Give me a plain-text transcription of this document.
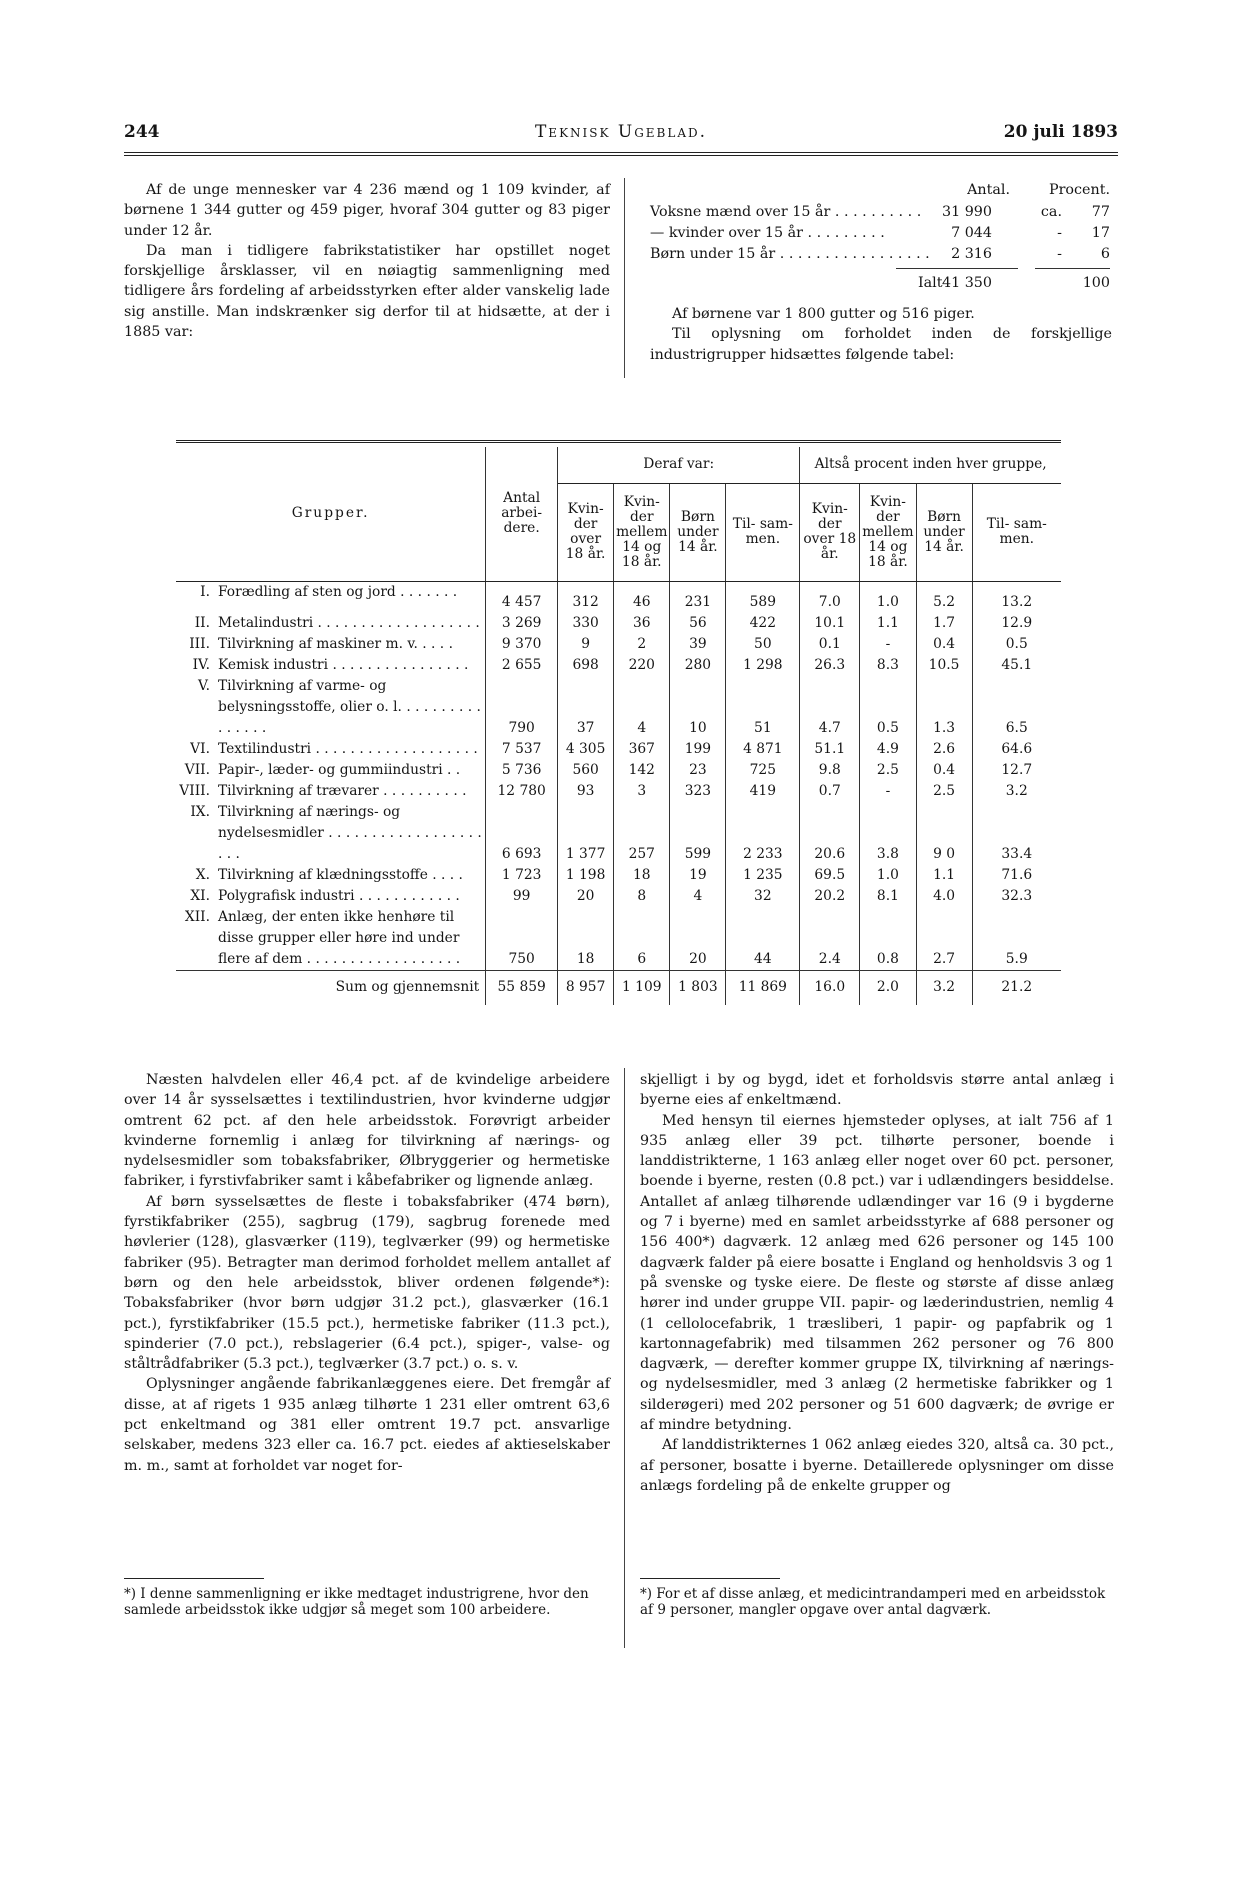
244	Teknisk Ugeblad.	20 juli 1893

Af de unge mennesker var 4 236 mænd og 1 109 kvinder, af børnene 1 344 gutter og 459 piger, hvoraf 304 gutter og 83 piger under 12 år.

Da man i tidligere fabrikstatistiker har opstillet noget forskjellige årsklasser, vil en nøiagtig sammenligning med tidligere års fordeling af arbeidsstyrken efter alder vanskelig lade sig anstille. Man indskrænker sig derfor til at hidsætte, at der i 1885 var:

Antal.	Procent.
Voksne mænd over 15 år . . . . . . . . . . 31 990	ca.	77
— kvinder over 15 år . . . . . . . . .	7 044	-	17
Børn under 15 år . . . . . . . . . . . . . . . . . 2 316	-	6
Ialt 41 350	100

Af børnene var 1 800 gutter og 516 piger.

Til oplysning om forholdet inden de forskjellige industrigrupper hidsættes følgende tabel:

Grupper.		Antal arbei- dere.	Deraf var:				Altså procent inden hver gruppe,			
			Kvin- der over 18 år.	Kvin- der mellem 14 og 18 år.	Børn under 14 år.	Til- sam- men.	Kvin- der over 18 år.	Kvin- der mellem 14 og 18 år.	Børn under 14 år.	Til- sam- men.
I.	Forædling af sten og jord . . . . . . .	4 457	312	46	231	589	7.0	1.0	5.2	13.2
II.	Metalindustri . . . . . . . . . . . . . . . . . . .	3 269	330	36	56	422	10.1	1.1	1.7	12.9
III.	Tilvirkning af maskiner m. v. . . . .	9 370	9	2	39	50	0.1	-	0.4	0.5
IV.	Kemisk industri . . . . . . . . . . . . . . . .	2 655	698	220	280	1 298	26.3	8.3	10.5	45.1
V.	Tilvirkning af varme- og belysningsstoffe, olier o. l. . . . . . . . . . . . . . . .	790	37	4	10	51	4.7	0.5	1.3	6.5
VI.	Textilindustri . . . . . . . . . . . . . . . . . . .	7 537	4 305	367	199	4 871	51.1	4.9	2.6	64.6
VII.	Papir-, læder- og gummiindustri . .	5 736	560	142	23	725	9.8	2.5	0.4	12.7
VIII.	Tilvirkning af trævarer . . . . . . . . . .	12 780	93	3	323	419	0.7	-	2.5	3.2
IX.	Tilvirkning af nærings- og nydelsesmidler . . . . . . . . . . . . . . . . . . . . .	6 693	1 377	257	599	2 233	20.6	3.8	9 0	33.4
X.	Tilvirkning af klædningsstoffe . . . .	1 723	1 198	18	19	1 235	69.5	1.0	1.1	71.6
XI.	Polygrafisk industri . . . . . . . . . . . .	99	20	8	4	32	20.2	8.1	4.0	32.3
XII.	Anlæg, der enten ikke henhøre til disse grupper eller høre ind under flere af dem . . . . . . . . . . . . . . . . . .	750	18	6	20	44	2.4	0.8	2.7	5.9
Sum og gjennemsnit		55 859	8 957	1 109	1 803	11 869	16.0	2.0	3.2	21.2

Næsten halvdelen eller 46,4 pct. af de kvindelige arbeidere over 14 år sysselsættes i textilindustrien, hvor kvinderne udgjør omtrent 62 pct. af den hele arbeidsstok. Forøvrigt arbeider kvinderne fornemlig i anlæg for tilvirkning af nærings- og nydelsesmidler som tobaksfabriker, Ølbryggerier og hermetiske fabriker, i fyrstivfabriker samt i kåbefabriker og lignende anlæg.

Af børn sysselsættes de fleste i tobaksfabriker (474 børn), fyrstikfabriker (255), sagbrug (179), sagbrug forenede med høvlerier (128), glasværker (119), teglværker (99) og hermetiske fabriker (95). Betragter man derimod forholdet mellem antallet af børn og den hele arbeidsstok, bliver ordenen følgende*): Tobaksfabriker (hvor børn udgjør 31.2 pct.), glasværker (16.1 pct.), fyrstikfabriker (15.5 pct.), hermetiske fabriker (11.3 pct.), spinderier (7.0 pct.), rebslagerier (6.4 pct.), spiger-, valse- og ståltrådfabriker (5.3 pct.), teglværker (3.7 pct.) o. s. v.

Oplysninger angående fabrikanlæggenes eiere. Det fremgår af disse, at af rigets 1 935 anlæg tilhørte 1 231 eller omtrent 63,6 pct enkeltmand og 381 eller omtrent 19.7 pct. ansvarlige selskaber, medens 323 eller ca. 16.7 pct. eiedes af aktieselskaber m. m., samt at forholdet var noget for-

*) I denne sammenligning er ikke medtaget industrigrene, hvor den samlede arbeidsstok ikke udgjør så meget som 100 arbeidere.

skjelligt i by og bygd, idet et forholdsvis større antal anlæg i byerne eies af enkeltmænd.

Med hensyn til eiernes hjemsteder oplyses, at ialt 756 af 1 935 anlæg eller 39 pct. tilhørte personer, boende i landdistrikterne, 1 163 anlæg eller noget over 60 pct. personer, boende i byerne, resten (0.8 pct.) var i udlændingers besiddelse. Antallet af anlæg tilhørende udlændinger var 16 (9 i bygderne og 7 i byerne) med en samlet arbeidsstyrke af 688 personer og 156 400*) dagværk. 12 anlæg med 626 personer og 145 100 dagværk falder på eiere bosatte i England og henholdsvis 3 og 1 på svenske og tyske eiere. De fleste og største af disse anlæg hører ind under gruppe VII. papir- og læderindustrien, nemlig 4 (1 cellolocefabrik, 1 træsliberi, 1 papir- og papfabrik og 1 kartonnagefabrik) med tilsammen 262 personer og 76 800 dagværk, — derefter kommer gruppe IX, tilvirkning af nærings- og nydelsesmidler, med 3 anlæg (2 hermetiske fabrikker og 1 silderøgeri) med 202 personer og 51 600 dagværk; de øvrige er af mindre betydning.

Af landdistrikternes 1 062 anlæg eiedes 320, altså ca. 30 pct., af personer, bosatte i byerne. Detaillerede oplysninger om disse anlægs fordeling på de enkelte grupper og

*) For et af disse anlæg, et medicintrandamperi med en arbeidsstok af 9 personer, mangler opgave over antal dagværk.
